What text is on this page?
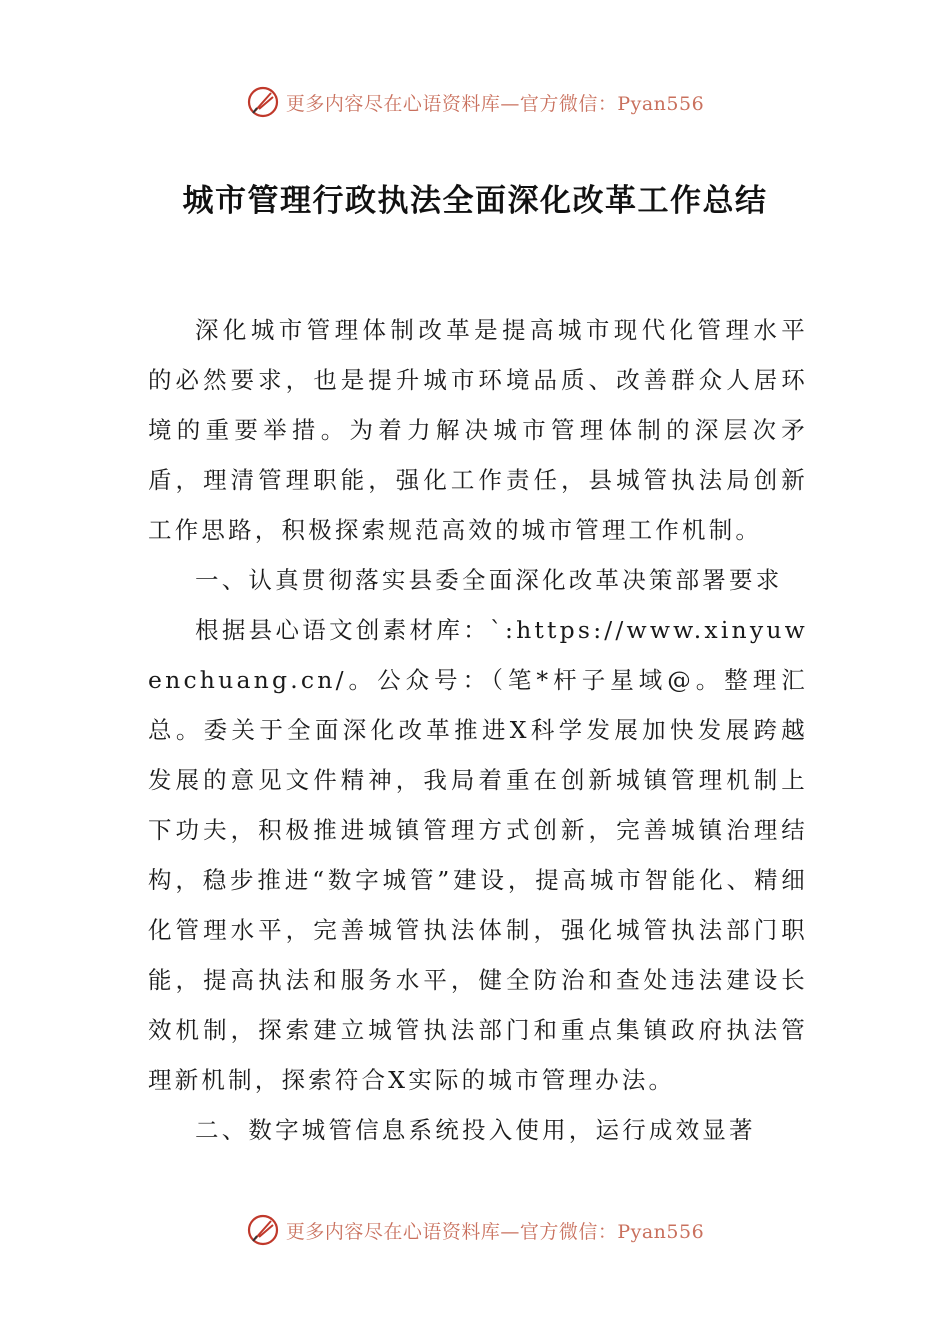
更多内容尽在心语资料库—官方微信：Pyan556
城市管理行政执法全面深化改革工作总结

深化城市管理体制改革是提高城市现代化管理水平的必然要求，也是提升城市环境品质、改善群众人居环境的重要举措。为着力解决城市管理体制的深层次矛盾，理清管理职能，强化工作责任，县城管执法局创新工作思路，积极探索规范高效的城市管理工作机制。

一、认真贯彻落实县委全面深化改革决策部署要求

根据县心语文创素材库：`:https://www.xinyuwenchuang.cn/。公众号：（笔*杆子星域@。整理汇总。委关于全面深化改革推进X科学发展加快发展跨越发展的意见文件精神，我局着重在创新城镇管理机制上下功夫，积极推进城镇管理方式创新，完善城镇治理结构，稳步推进“数字城管”建设，提高城市智能化、精细化管理水平，完善城管执法体制，强化城管执法部门职能，提高执法和服务水平，健全防治和查处违法建设长效机制，探索建立城管执法部门和重点集镇政府执法管理新机制，探索符合X实际的城市管理办法。

二、数字城管信息系统投入使用，运行成效显著

更多内容尽在心语资料库—官方微信：Pyan556
